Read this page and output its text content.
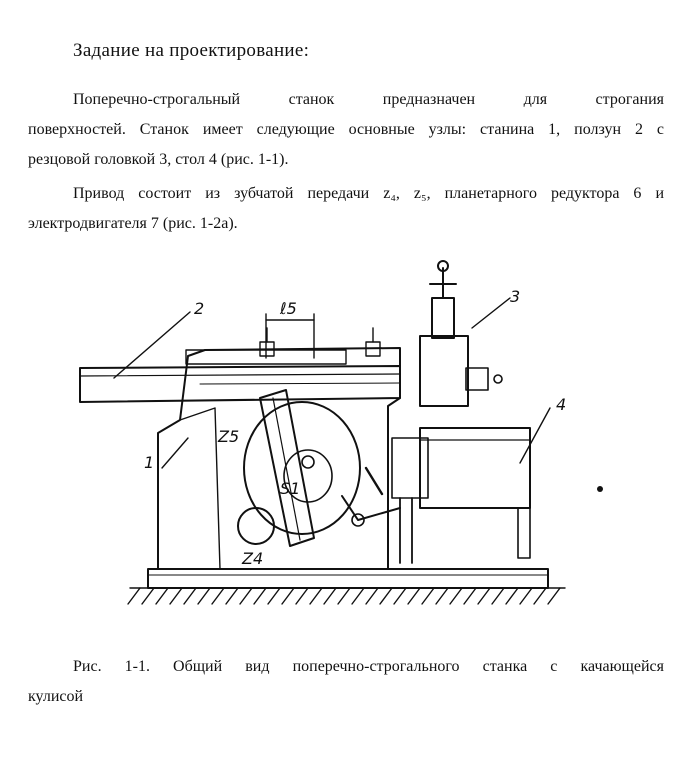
Задание на проектирование:
Поперечно-строгальный станок предназначен для строгания
поверхностей. Станок имеет следующие основные узлы: станина 1, ползун 2 с
резцовой головкой 3, стол 4 (рис. 1-1).
Привод состоит из зубчатой передачи z₄, z₅, планетарного редуктора 6 и
электродвигателя 7 (рис. 1-2а).
2
1
3
4
Z5
Z4
S1
ℓ5
Рис. 1-1. Общий вид поперечно-строгального станка с качающейся
кулисой
